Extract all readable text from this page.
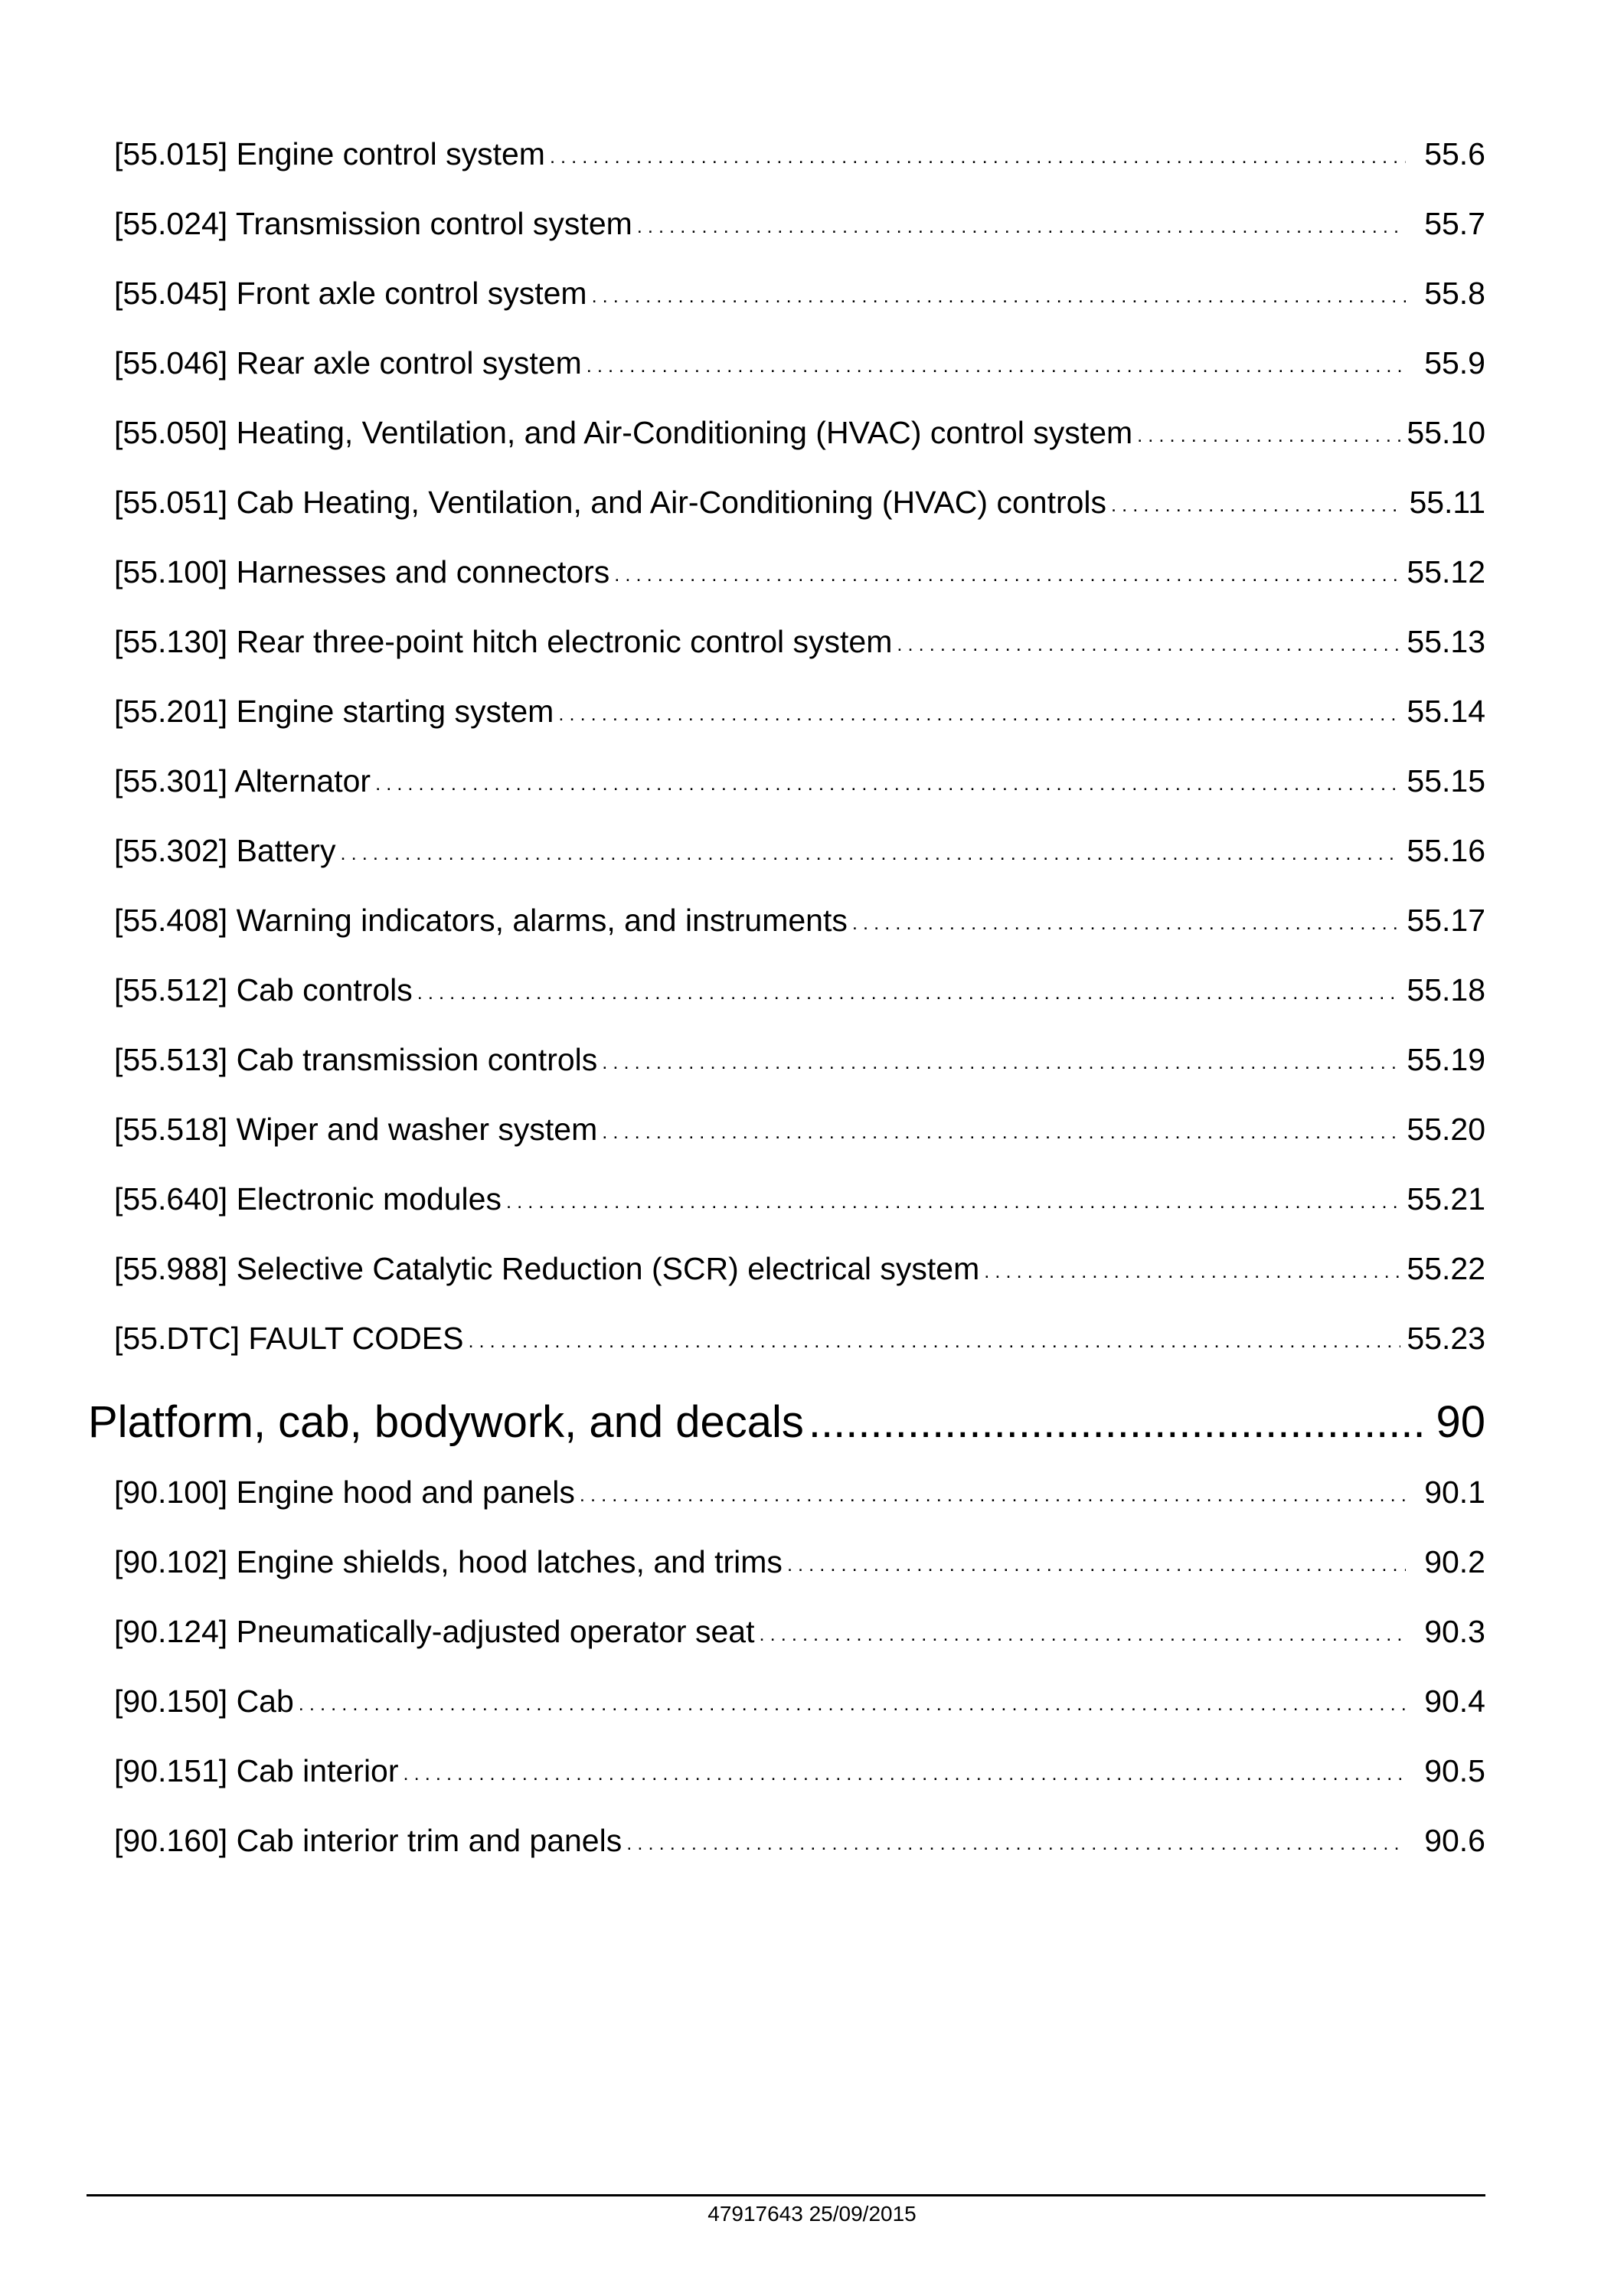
[55.015] Engine control system . . .	55.6
[55.024] Transmission control system . . .	55.7
[55.045] Front axle control system . . .	55.8
[55.046] Rear axle control system . . .	55.9
[55.050] Heating, Ventilation, and Air-Conditioning (HVAC) control system . . .	55.10
[55.051] Cab Heating, Ventilation, and Air-Conditioning (HVAC) controls . . .	55.11
[55.100] Harnesses and connectors . . .	55.12
[55.130] Rear three-point hitch electronic control system . . .	55.13
[55.201] Engine starting system . . .	55.14
[55.301] Alternator . . .	55.15
[55.302] Battery . . .	55.16
[55.408] Warning indicators, alarms, and instruments . . .	55.17
[55.512] Cab controls . . .	55.18
[55.513] Cab transmission controls . . .	55.19
[55.518] Wiper and washer system . . .	55.20
[55.640] Electronic modules . . .	55.21
[55.988] Selective Catalytic Reduction (SCR) electrical system . . .	55.22
[55.DTC] FAULT CODES . . .	55.23
Platform, cab, bodywork, and decals .....	90
[90.100] Engine hood and panels . . .	90.1
[90.102] Engine shields, hood latches, and trims . . .	90.2
[90.124] Pneumatically-adjusted operator seat . . .	90.3
[90.150] Cab . . .	90.4
[90.151] Cab interior . . .	90.5
[90.160] Cab interior trim and panels . . .	90.6
47917643 25/09/2015
